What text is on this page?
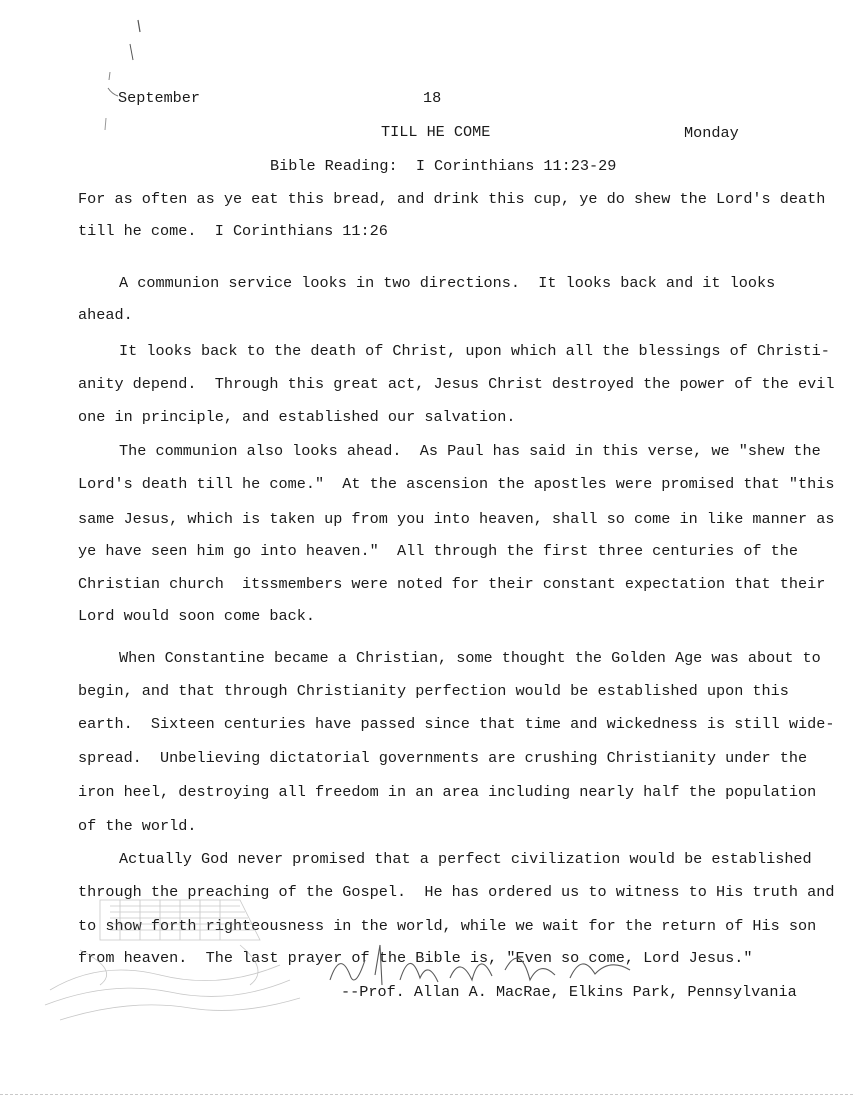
September	18
TILL HE COME	Monday
Bible Reading:  I Corinthians 11:23-29
For as often as ye eat this bread, and drink this cup, ye do shew the Lord's death
till he come.  I Corinthians 11:26
A communion service looks in two directions.  It looks back and it looks
ahead.
It looks back to the death of Christ, upon which all the blessings of Christi-
anity depend.  Through this great act, Jesus Christ destroyed the power of the evil
one in principle, and established our salvation.
The communion also looks ahead.  As Paul has said in this verse, we "shew the
Lord's death till he come."  At the ascension the apostles were promised that "this
same Jesus, which is taken up from you into heaven, shall so come in like manner as
ye have seen him go into heaven."  All through the first three centuries of the
Christian church  itssmembers were noted for their constant expectation that their
Lord would soon come back.
When Constantine became a Christian, some thought the Golden Age was about to
begin, and that through Christianity perfection would be established upon this
earth.  Sixteen centuries have passed since that time and wickedness is still wide-
spread.  Unbelieving dictatorial governments are crushing Christianity under the
iron heel, destroying all freedom in an area including nearly half the population
of the world.
Actually God never promised that a perfect civilization would be established
through the preaching of the Gospel.  He has ordered us to witness to His truth and
to show forth righteousness in the world, while we wait for the return of His son
from heaven.  The last prayer of the Bible is, "Even so come, Lord Jesus."
--Prof. Allan A. MacRae, Elkins Park, Pennsylvania
